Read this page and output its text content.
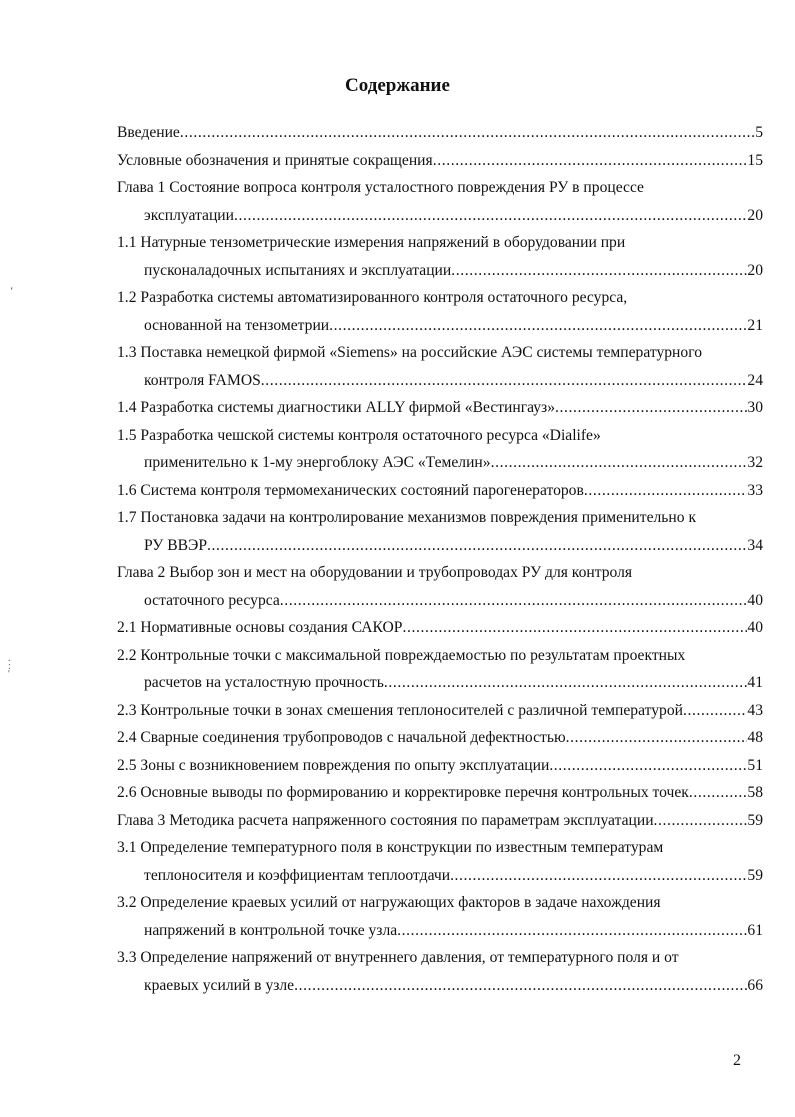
Содержание
Введение .....	5
Условные обозначения и принятые сокращения .....	15
Глава 1 Состояние вопроса контроля усталостного повреждения РУ в процессе
эксплуатации .....	20
1.1 Натурные тензометрические измерения напряжений в оборудовании при
пусконаладочных испытаниях и эксплуатации .....	20
1.2 Разработка системы автоматизированного контроля остаточного ресурса,
основанной на тензометрии .....	21
1.3 Поставка немецкой фирмой «Siemens» на российские АЭС системы температурного
контроля FAMOS .....	24
1.4 Разработка системы диагностики ALLY фирмой «Вестингауз» .....	30
1.5 Разработка чешской системы контроля остаточного ресурса «Dialife»
применительно к 1-му энергоблоку АЭС «Темелин» .....	32
1.6 Система контроля термомеханических состояний парогенераторов .....	33
1.7 Постановка задачи на контролирование механизмов повреждения применительно к
РУ ВВЭР .....	34
Глава 2 Выбор зон и мест на оборудовании и трубопроводах РУ для контроля
остаточного ресурса .....	40
2.1 Нормативные основы создания САКОР .....	40
2.2 Контрольные точки с максимальной повреждаемостью по результатам проектных
расчетов на усталостную прочность .....	41
2.3 Контрольные точки в зонах смешения теплоносителей с различной температурой .....	43
2.4 Сварные соединения трубопроводов с начальной дефектностью .....	48
2.5 Зоны с возникновением повреждения по опыту эксплуатации .....	51
2.6 Основные выводы по формированию и корректировке перечня контрольных точек .....	58
Глава 3 Методика расчета напряженного состояния по параметрам эксплуатации .....	59
3.1 Определение температурного поля в конструкции по известным температурам
теплоносителя и коэффициентам теплоотдачи .....	59
3.2 Определение краевых усилий от нагружающих факторов в задаче нахождения
напряжений в контрольной точке узла .....	61
3.3 Определение напряжений от внутреннего давления, от температурного поля и от
краевых усилий в узле .....	66
2
‘
.
:
'
